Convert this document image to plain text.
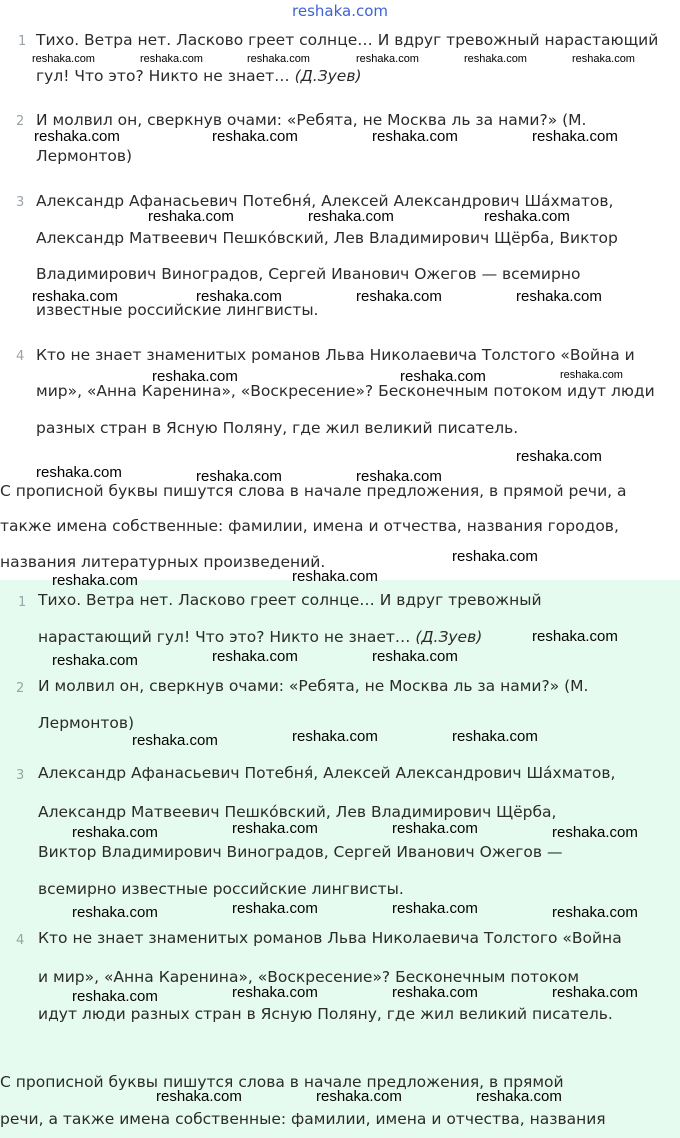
reshaka.com
1 Тихо. Ветра нет. Ласково греет солнце… И вдруг тревожный нарастающий
гул! Что это? Никто не знает… (Д.Зуев)
2 И молвил он, сверкнув очами: «Ребята, не Москва ль за нами?» (М.
Лермонтов)
3 Александр Афанасьевич Потебня́, Алексей Александрович Ша́хматов,
Александр Матвеевич Пешко́вский, Лев Владимирович Щёрба, Виктор
Владимирович Виноградов, Сергей Иванович Ожегов — всемирно
известные российские лингвисты.
4 Кто не знает знаменитых романов Льва Николаевича Толстого «Война и
мир», «Анна Каренина», «Воскресение»? Бесконечным потоком идут люди
разных стран в Ясную Поляну, где жил великий писатель.
С прописной буквы пишутся слова в начале предложения, в прямой речи, а
также имена собственные: фамилии, имена и отчества, названия городов,
названия литературных произведений.
1 Тихо. Ветра нет. Ласково греет солнце… И вдруг тревожный
нарастающий гул! Что это? Никто не знает… (Д.Зуев)
2 И молвил он, сверкнув очами: «Ребята, не Москва ль за нами?» (М.
Лермонтов)
3 Александр Афанасьевич Потебня́, Алексей Александрович Ша́хматов,
Александр Матвеевич Пешко́вский, Лев Владимирович Щёрба,
Виктор Владимирович Виноградов, Сергей Иванович Ожегов —
всемирно известные российские лингвисты.
4 Кто не знает знаменитых романов Льва Николаевича Толстого «Война
и мир», «Анна Каренина», «Воскресение»? Бесконечным потоком
идут люди разных стран в Ясную Поляну, где жил великий писатель.
С прописной буквы пишутся слова в начале предложения, в прямой
речи, а также имена собственные: фамилии, имена и отчества, названия
reshaka.com	reshaka.com	reshaka.com	reshaka.com	reshaka.com	reshaka.com
reshaka.com	reshaka.com	reshaka.com	reshaka.com
reshaka.com	reshaka.com	reshaka.com
reshaka.com	reshaka.com	reshaka.com	reshaka.com
reshaka.com	reshaka.com	reshaka.com
reshaka.com
reshaka.com	reshaka.com	reshaka.com
reshaka.com
reshaka.com
reshaka.com
reshaka.com
reshaka.com	reshaka.com
reshaka.com
reshaka.com	reshaka.com
reshaka.com
reshaka.com	reshaka.com
reshaka.com	reshaka.com
reshaka.com	reshaka.com
reshaka.com	reshaka.com
reshaka.com	reshaka.com	reshaka.com
reshaka.com
reshaka.com	reshaka.com	reshaka.com
